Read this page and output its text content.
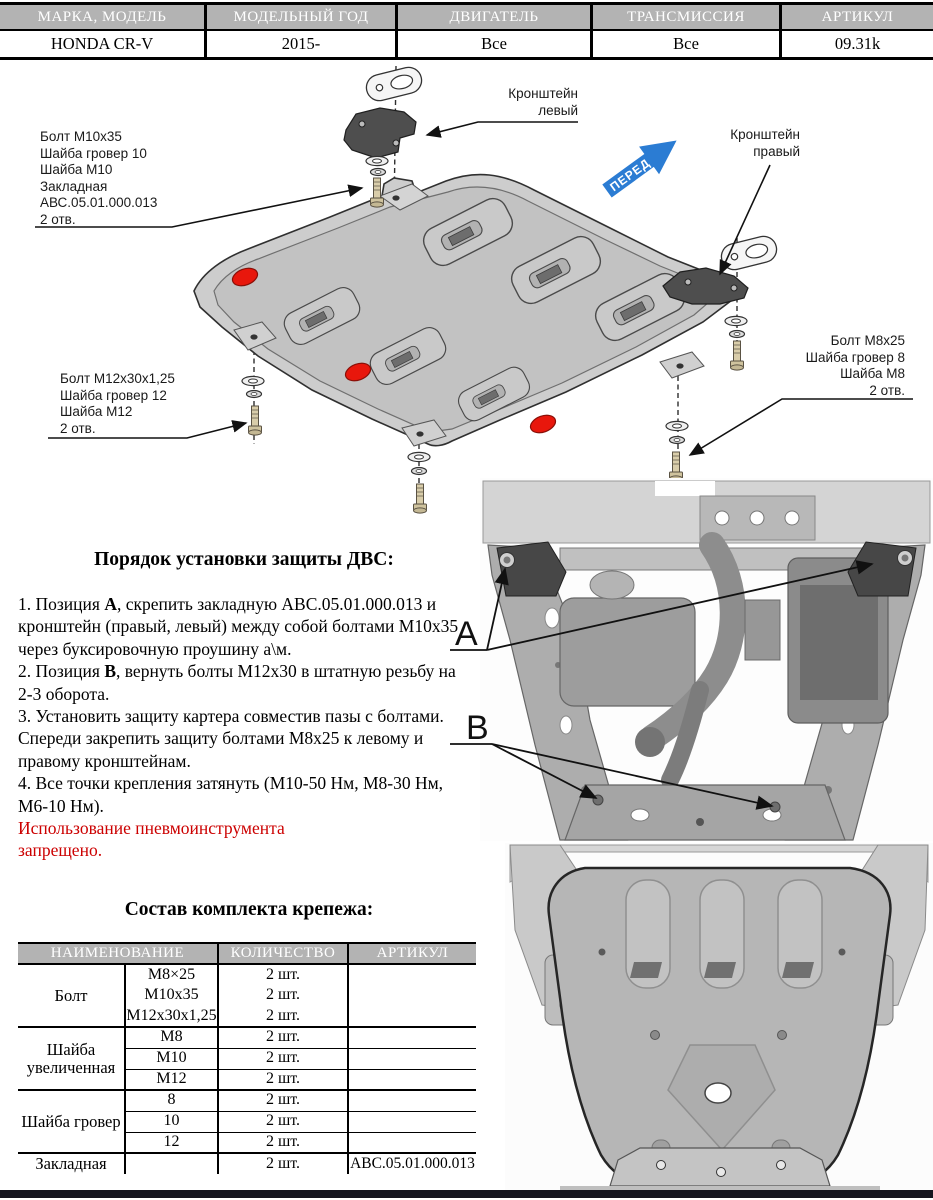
МАРКА, МОДЕЛЬ	МОДЕЛЬНЫЙ ГОД	ДВИГАТЕЛЬ	ТРАНСМИССИЯ	АРТИКУЛ
HONDA CR-V	2015-	Все	Все	09.31k
ПЕРЕД
A
B
Болт М10х35
Шайба гровер 10
Шайба М10
Закладная
АВС.05.01.000.013
2 отв.
Кронштейн
левый
Кронштейн
правый
Болт М8х25
Шайба гровер 8
Шайба М8
2 отв.
Болт М12х30х1,25
Шайба гровер 12
Шайба М12
2 отв.
Порядок установки защиты ДВС:

1. Позиция А, скрепить закладную АВС.05.01.000.013 и кронштейн (правый, левый) между собой болтами М10х35 через буксировочную проушину а\м.

2. Позиция В, вернуть болты М12х30 в штатную резьбу на 2-3 оборота.

3. Установить защиту картера совместив пазы с болтами. Спереди закрепить защиту болтами М8х25 к левому и правому кронштейнам.

4. Все точки крепления затянуть (М10-50 Нм, М8-30 Нм, М6-10 Нм).

Использование пневмоинструмента

запрещено.

Состав комплекта крепежа:
НАИМЕНОВАНИЕ		КОЛИЧЕСТВО	АРТИКУЛ
Болт	М8×25	2 шт.	
	М10х35	2 шт.	
	М12х30х1,25	2 шт.	
Шайба увеличенная	М8	2 шт.	
	М10	2 шт.	
	М12	2 шт.	
Шайба гровер	8	2 шт.	
	10	2 шт.	
	12	2 шт.	
Закладная		2 шт.	АВС.05.01.000.013
